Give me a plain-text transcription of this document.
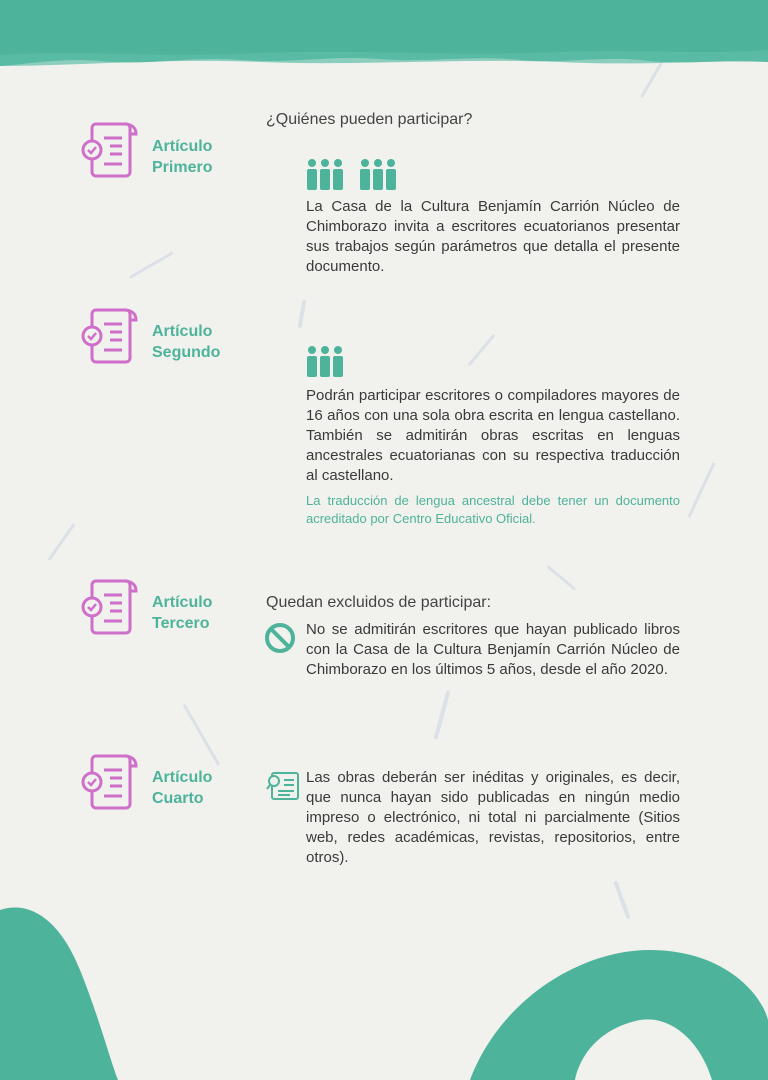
Artículo
Primero
¿Quiénes pueden participar?
La Casa de la Cultura Benjamín Carrión Núcleo de Chimborazo invita a escritores ecuatorianos presentar sus trabajos según parámetros que detalla el presente documento.
Artículo
Segundo
Podrán participar escritores o compiladores mayores de 16 años con una sola obra escrita en lengua castellano. También se admitirán obras escritas en lenguas ancestrales ecuatorianas con su respectiva traducción al castellano.
La traducción de lengua ancestral debe tener un documento acreditado por Centro Educativo Oficial.
Artículo
Tercero
Quedan excluidos de participar:
No se admitirán escritores que hayan publicado libros con la Casa de la Cultura Benjamín Carrión Núcleo de Chimborazo en los últimos 5 años, desde el año 2020.
Artículo
Cuarto
Las obras deberán ser inéditas y originales, es decir, que nunca hayan sido publicadas en ningún medio impreso o electrónico, ni total ni parcialmente (Sitios web, redes académicas, revistas, repositorios, entre otros).
